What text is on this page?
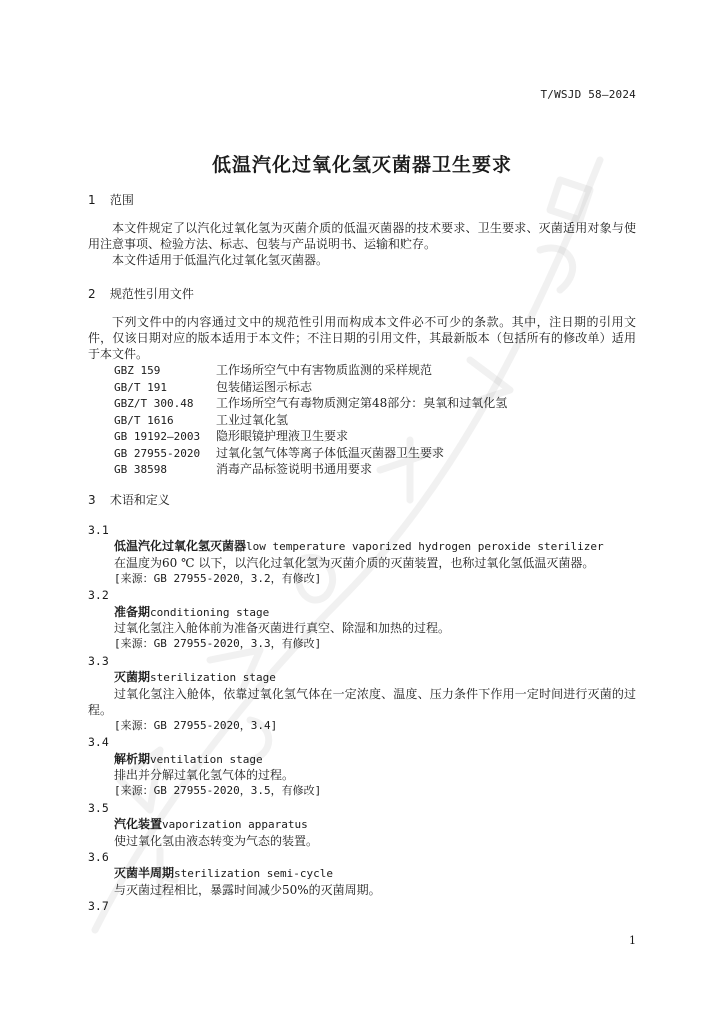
T/WSJD 58—2024
低温汽化过氧化氢灭菌器卫生要求
1 范围

本文件规定了以汽化过氧化氢为灭菌介质的低温灭菌器的技术要求、卫生要求、灭菌适用对象与使用注意事项、检验方法、标志、包装与产品说明书、运输和贮存。

本文件适用于低温汽化过氧化氢灭菌器。

2 规范性引用文件

下列文件中的内容通过文中的规范性引用而构成本文件必不可少的条款。其中，注日期的引用文件，仅该日期对应的版本适用于本文件；不注日期的引用文件，其最新版本（包括所有的修改单）适用于本文件。

GBZ 159	工作场所空气中有害物质监测的采样规范
GB/T 191	包装储运图示标志
GBZ/T 300.48 工作场所空气有毒物质测定第48部分：臭氧和过氧化氢
GB/T 1616	工业过氧化氢
GB 19192—2003 隐形眼镜护理液卫生要求
GB 27955-2020 过氧化氢气体等离子体低温灭菌器卫生要求
GB 38598	消毒产品标签说明书通用要求
3 术语和定义
3.1
低温汽化过氧化氢灭菌器low temperature vaporized hydrogen peroxide sterilizer

在温度为60 ℃ 以下，以汽化过氧化氢为灭菌介质的灭菌装置，也称过氧化氢低温灭菌器。

[来源：GB 27955-2020，3.2，有修改]
3.2
准备期conditioning stage

过氧化氢注入舱体前为准备灭菌进行真空、除湿和加热的过程。

[来源：GB 27955-2020，3.3，有修改]
3.3
灭菌期sterilization stage

过氧化氢注入舱体，依靠过氧化氢气体在一定浓度、温度、压力条件下作用一定时间进行灭菌的过程。

[来源：GB 27955-2020，3.4]
3.4
解析期ventilation stage

排出并分解过氧化氢气体的过程。

[来源：GB 27955-2020，3.5，有修改]
3.5
汽化装置vaporization apparatus

使过氧化氢由液态转变为气态的装置。

3.6
灭菌半周期sterilization semi-cycle

与灭菌过程相比，暴露时间减少50%的灭菌周期。

3.7
1
